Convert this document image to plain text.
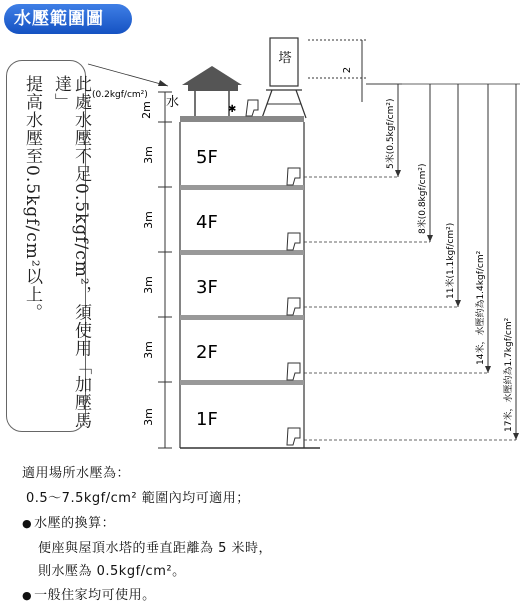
水壓範圍圖
此處水壓不足0.5kgf/cm²，須使用「加壓馬達」
提高水壓至0.5kgf/cm²以上。
塔
✱
5F
4F
3F
2F
1F
2m
3m
3m
3m
3m
3m
水
(0.2kgf/cm²)
2
5米(0.5kgf/cm²)
8米(0.8kgf/cm²)
11米(1.1kgf/cm²) 14米，水壓約為1.4kgf/cm²
17米，水壓約為1.7kgf/cm²
適用場所水壓為：
0.5～7.5kgf/cm² 範圍內均可適用；
● 水壓的換算：
便座與屋頂水塔的垂直距離為 5 米時，
則水壓為 0.5kgf/cm²。
● 一般住家均可使用。
